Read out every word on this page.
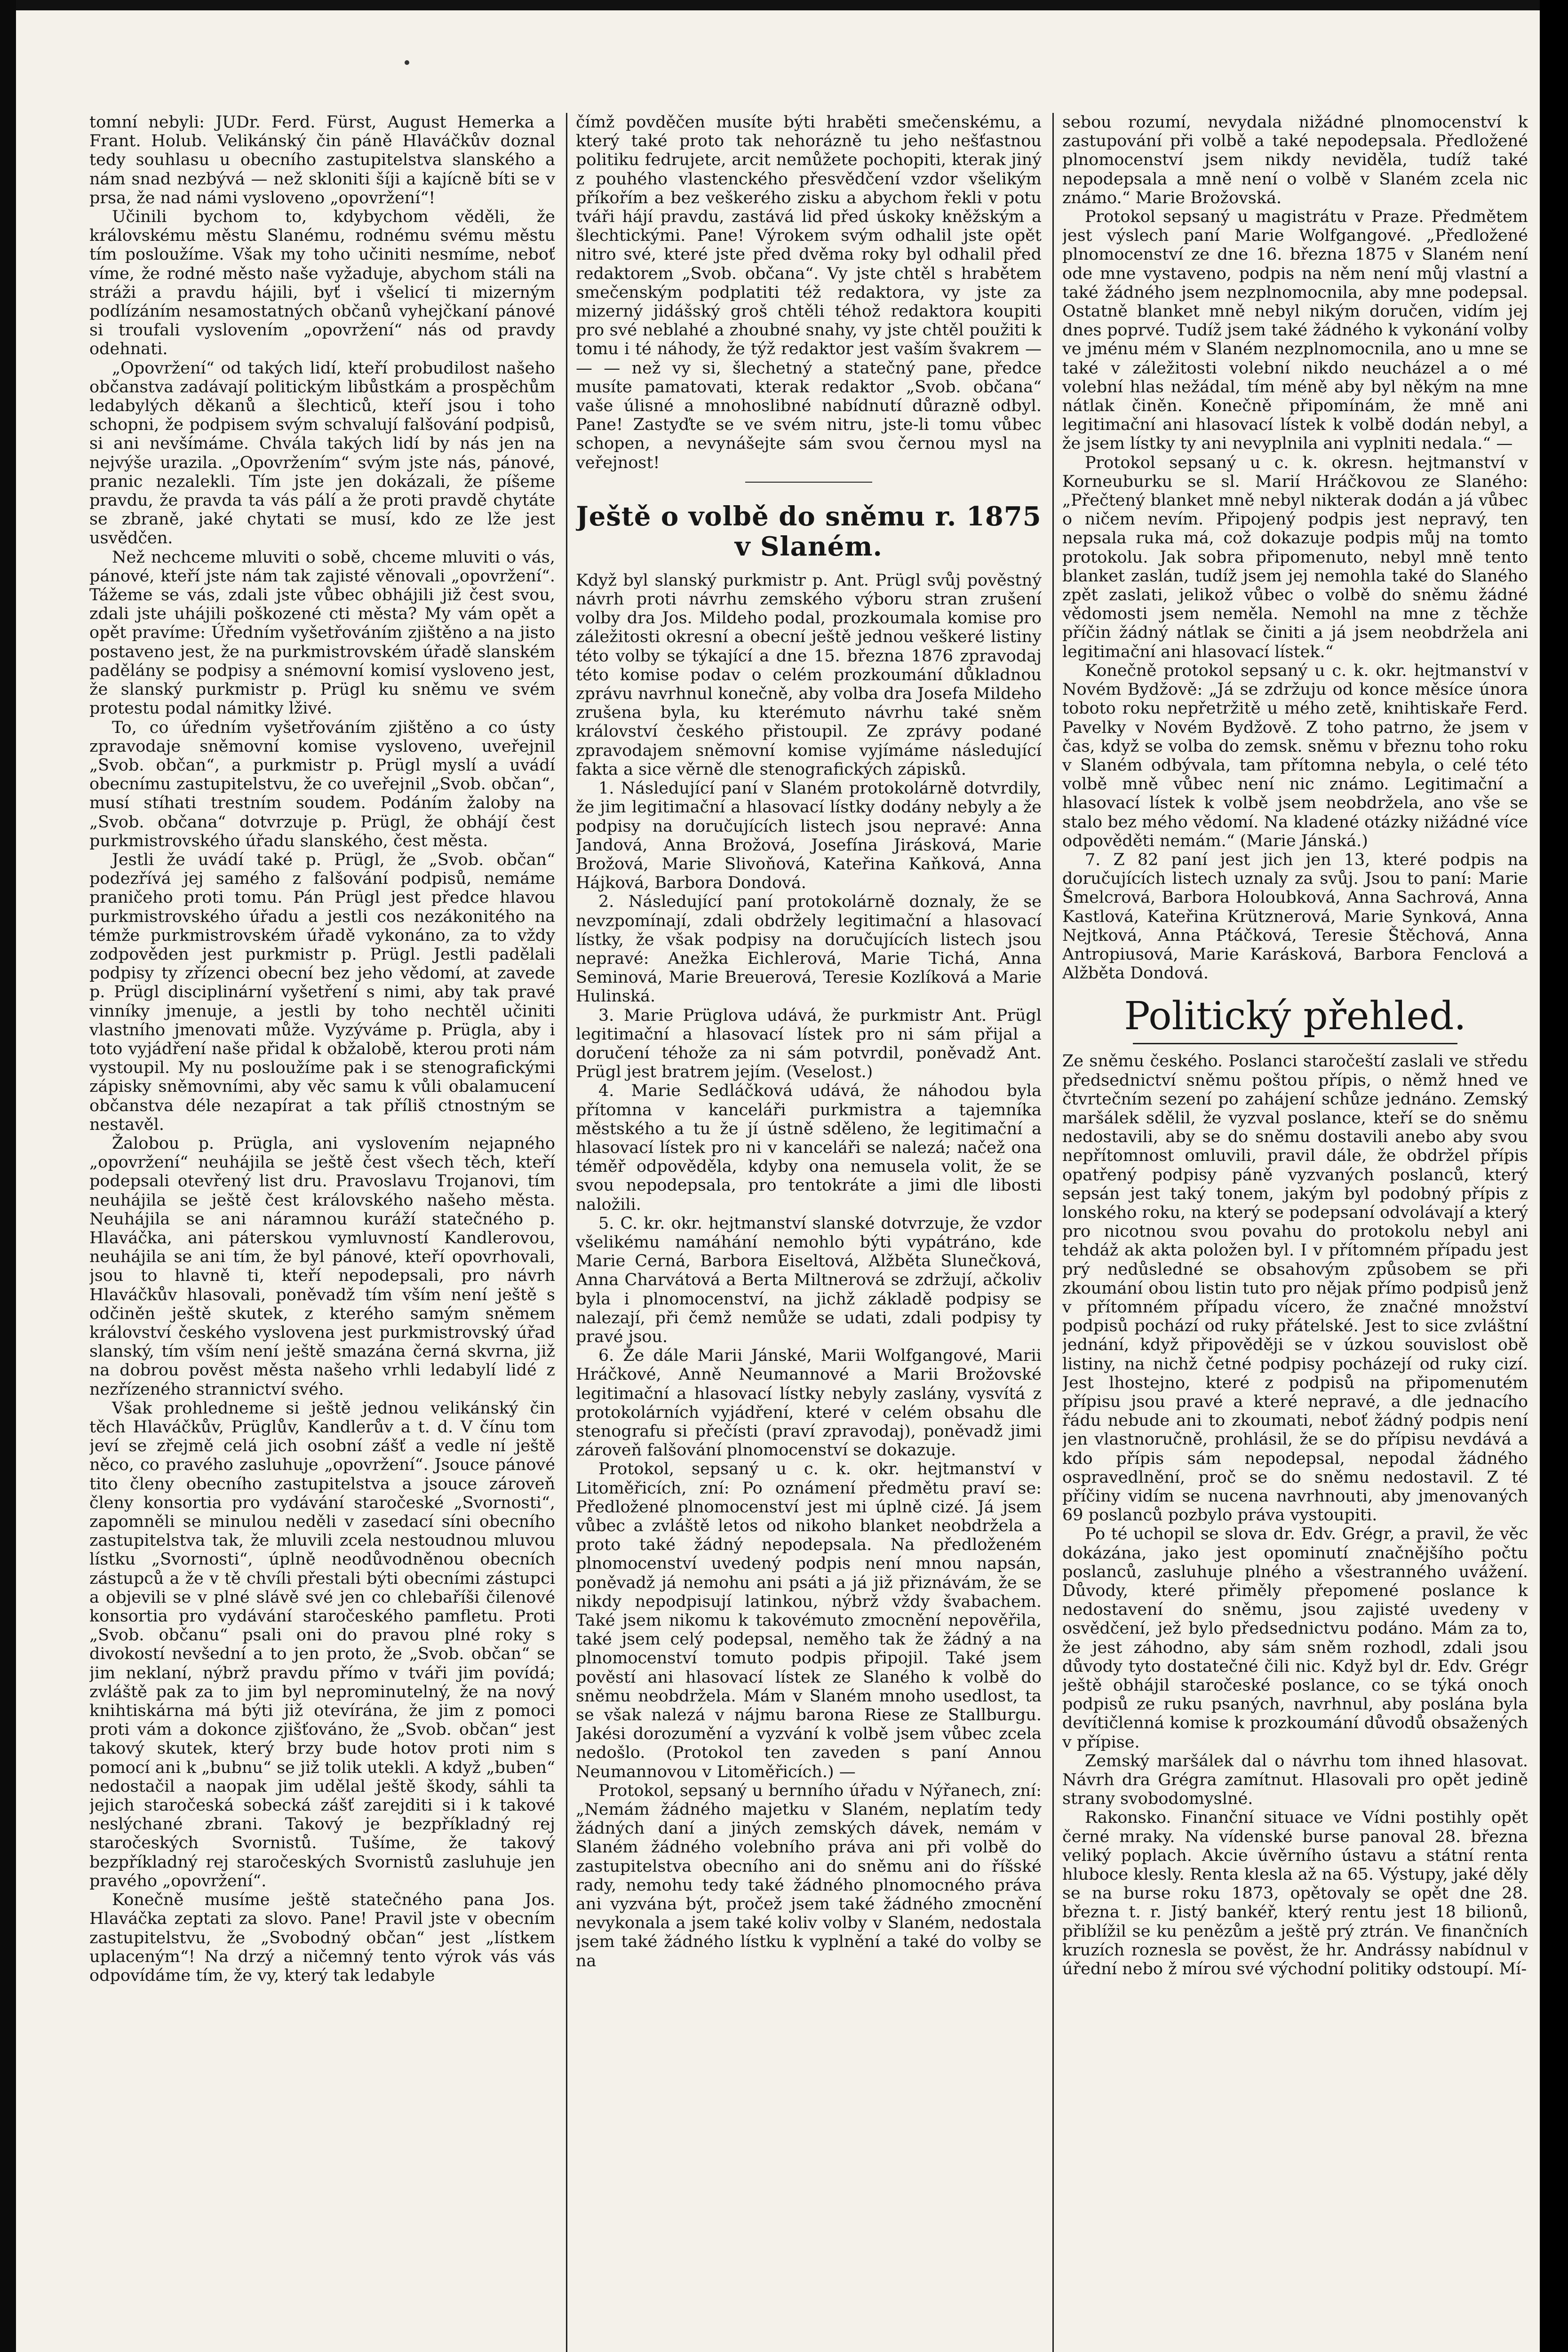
tomní nebyli: JUDr. Ferd. Fürst, August Hemerka a Frant. Holub. Velikánský čin páně Hlaváčkův doznal tedy souhlasu u obecního zastupitelstva slanského a nám snad nezbývá — než skloniti šíji a kajícně bíti se v prsa, že nad námi vysloveno „opovržení“!

Učinili bychom to, kdybychom věděli, že královskému městu Slanému, rodnému svému městu tím posloužíme. Však my toho učiniti nesmíme, neboť víme, že rodné město naše vyžaduje, abychom stáli na stráži a pravdu hájili, byť i všelicí ti mizerným podlízáním nesamostatných občanů vyhejčkaní pánové si troufali vyslovením „opovržení“ nás od pravdy odehnati.

„Opovržení“ od takých lidí, kteří probudilost našeho občanstva zadávají politickým libůstkám a prospěchům ledabylých děkanů a šlechticů, kteří jsou i toho schopni, že podpisem svým schvalují falšování podpisů, si ani nevšímáme. Chvála takých lidí by nás jen na nejvýše urazila. „Opovržením“ svým jste nás, pánové, pranic nezalekli. Tím jste jen dokázali, že píšeme pravdu, že pravda ta vás pálí a že proti pravdě chytáte se zbraně, jaké chytati se musí, kdo ze lže jest usvědčen.

Než nechceme mluviti o sobě, chceme mluviti o vás, pánové, kteří jste nám tak zajisté věnovali „opovržení“. Tážeme se vás, zdali jste vůbec obhájili již čest svou, zdali jste uhájili poškozené cti města? My vám opět a opět pravíme: Úředním vyšetřováním zjištěno a na jisto postaveno jest, že na purkmistrovském úřadě slanském padělány se podpisy a snémovní komisí vysloveno jest, že slanský purkmistr p. Prügl ku sněmu ve svém protestu podal námitky lživé.

To, co úředním vyšetřováním zjištěno a co ústy zpravodaje sněmovní komise vysloveno, uveřejnil „Svob. občan“, a purkmistr p. Prügl myslí a uvádí obecnímu zastupitelstvu, že co uveřejnil „Svob. občan“, musí stíhati trestním soudem. Podáním žaloby na „Svob. občana“ dotvrzuje p. Prügl, že obhájí čest purkmistrovského úřadu slanského, čest města.

Jestli že uvádí také p. Prügl, že „Svob. občan“ podezřívá jej samého z falšování podpisů, nemáme praničeho proti tomu. Pán Prügl jest předce hlavou purkmistrovského úřadu a jestli cos nezákonitého na témže purkmistrovském úřadě vykonáno, za to vždy zodpověden jest purkmistr p. Prügl. Jestli padělali podpisy ty zřízenci obecní bez jeho vědomí, at zavede p. Prügl disciplinární vyšetření s nimi, aby tak pravé vinníky jmenuje, a jestli by toho nechtěl učiniti vlastního jmenovati může. Vyzýváme p. Prügla, aby i toto vyjádření naše přidal k obžalobě, kterou proti nám vystoupil. My nu posloužíme pak i se stenografickými zápisky sněmovními, aby věc samu k vůli obalamucení občanstva déle nezapírat a tak příliš ctnostným se nestavěl.

Žalobou p. Prügla, ani vyslovením nejapného „opovržení“ neuhájila se ještě čest všech těch, kteří podepsali otevřený list dru. Pravoslavu Trojanovi, tím neuhájila se ještě čest královského našeho města. Neuhájila se ani náramnou kuráží statečného p. Hlaváčka, ani páterskou vymluvností Kandlerovou, neuhájila se ani tím, že byl pánové, kteří opovrhovali, jsou to hlavně ti, kteří nepodepsali, pro návrh Hlaváčkův hlasovali, poněvadž tím vším není ještě s odčiněn ještě skutek, z kterého samým sněmem království českého vyslovena jest purkmistrovský úřad slanský, tím vším není ještě smazána černá skvrna, již na dobrou pověst města našeho vrhli ledabylí lidé z nezřízeného strannictví svého.

Však prohledneme si ještě jednou velikánský čin těch Hlaváčkův, Prüglův, Kandlerův a t. d. V čínu tom jeví se zřejmě celá jich osobní zášť a vedle ní ještě něco, co pravého zasluhuje „opovržení“. Jsouce pánové tito členy obecního zastupitelstva a jsouce zároveň členy konsortia pro vydávání staročeské „Svornosti“, zapomněli se minulou neděli v zasedací síni obecního zastupitelstva tak, že mluvili zcela nestoudnou mluvou lístku „Svornosti“, úplně neodůvodněnou obecních zástupců a že v tě chvíli přestali býti obecními zástupci a objevili se v plné slávě své jen co chlebaříši čilenové konsortia pro vydávání staročeského pamfletu. Proti „Svob. občanu“ psali oni do pravou plné roky s divokostí nevšední a to jen proto, že „Svob. občan“ se jim neklaní, nýbrž pravdu přímo v tváři jim povídá; zvláště pak za to jim byl neprominutelný, že na nový knihtiskárna má býti již otevírána, že jim z pomoci proti vám a dokonce zjišťováno, že „Svob. občan“ jest takový skutek, který brzy bude hotov proti nim s pomocí ani k „bubnu“ se již tolik utekli. A když „buben“ nedostačil a naopak jim udělal ještě škody, sáhli ta jejich staročeská sobecká zášť zarejditi si i k takové neslýchané zbrani. Takový je bezpříkladný rej staročeských Svornistů. Tušíme, že takový bezpříkladný rej staročeských Svornistů zasluhuje jen pravého „opovržení“.

Konečně musíme ještě statečného pana Jos. Hlaváčka zeptati za slovo. Pane! Pravil jste v obecním zastupitelstvu, že „Svobodný občan“ jest „lístkem uplaceným“! Na drzý a ničemný tento výrok vás vás odpovídáme tím, že vy, který tak ledabyle

čímž povděčen musíte býti hraběti smečenskému, a který také proto tak nehorázně tu jeho nešťastnou politiku fedrujete, arcit nemůžete pochopiti, kterak jiný z pouhého vlastenckého přesvědčení vzdor všelikým příkořím a bez veškerého zisku a abychom řekli v potu tváři hájí pravdu, zastává lid před úskoky kněžským a šlechtickými. Pane! Výrokem svým odhalil jste opět nitro své, které jste před dvěma roky byl odhalil před redaktorem „Svob. občana“. Vy jste chtěl s hrabětem smečenským podplatiti též redaktora, vy jste za mizerný jidášský groš chtěli téhož redaktora koupiti pro své neblahé a zhoubné snahy, vy jste chtěl použiti k tomu i té náhody, že týž redaktor jest vaším švakrem — — — než vy si, šlechetný a statečný pane, předce musíte pamatovati, kterak redaktor „Svob. občana“ vaše úlisné a mnohoslibné nabídnutí důrazně odbyl. Pane! Zastyďte se ve svém nitru, jste-li tomu vůbec schopen, a nevynášejte sám svou černou mysl na veřejnost!

Ještě o volbě do sněmu r. 1875 v Slaném.

Když byl slanský purkmistr p. Ant. Prügl svůj pověstný návrh proti návrhu zemského výboru stran zrušení volby dra Jos. Mildeho podal, prozkoumala komise pro záležitosti okresní a obecní ještě jednou veškeré listiny této volby se týkající a dne 15. března 1876 zpravodaj této komise podav o celém prozkoumání důkladnou zprávu navrhnul konečně, aby volba dra Josefa Mildeho zrušena byla, ku kterémuto návrhu také sněm království českého přistoupil. Ze zprávy podané zpravodajem sněmovní komise vyjímáme následující fakta a sice věrně dle stenografických zápisků.

1. Následující paní v Slaném protokolárně dotvrdily, že jim legitimační a hlasovací lístky dodány nebyly a že podpisy na doručujících listech jsou nepravé: Anna Jandová, Anna Brožová, Josefína Jirásková, Marie Brožová, Marie Slivoňová, Kateřina Kaňková, Anna Hájková, Barbora Dondová.

2. Následující paní protokolárně doznaly, že se nevzpomínají, zdali obdržely legitimační a hlasovací lístky, že však podpisy na doručujících listech jsou nepravé: Anežka Eichlerová, Marie Tichá, Anna Seminová, Marie Breuerová, Teresie Kozlíková a Marie Hulinská.

3. Marie Prüglova udává, že purkmistr Ant. Prügl legitimační a hlasovací lístek pro ni sám přijal a doručení téhože za ni sám potvrdil, poněvadž Ant. Prügl jest bratrem jejím. (Veselost.)

4. Marie Sedláčková udává, že náhodou byla přítomna v kanceláři purkmistra a tajemníka městského a tu že jí ústně sděleno, že legitimační a hlasovací lístek pro ni v kanceláři se nalezá; načež ona téměř odpověděla, kdyby ona nemusela volit, že se svou nepodepsala, pro tentokráte a jimi dle libosti naložili.

5. C. kr. okr. hejtmanství slanské dotvrzuje, že vzdor všelikému namáhání nemohlo býti vypátráno, kde Marie Cerná, Barbora Eiseltová, Alžběta Slunečková, Anna Charvátová a Berta Miltnerová se zdržují, ačkoliv byla i plnomocenství, na jichž základě podpisy se nalezají, při čemž nemůže se udati, zdali podpisy ty pravé jsou.

6. Že dále Marii Jánské, Marii Wolfgangové, Marii Hráčkové, Anně Neumannové a Marii Brožovské legitimační a hlasovací lístky nebyly zaslány, vysvítá z protokolárních vyjádření, které v celém obsahu dle stenografu si přečísti (praví zpravodaj), poněvadž jimi zároveň falšování plnomocenství se dokazuje.

Protokol, sepsaný u c. k. okr. hejtmanství v Litoměřicích, zní: Po oznámení předmětu praví se: Předložené plnomocenství jest mi úplně cizé. Já jsem vůbec a zvláště letos od nikoho blanket neobdržela a proto také žádný nepodepsala. Na předloženém plnomocenství uvedený podpis není mnou napsán, poněvadž já nemohu ani psáti a já již přiznávám, že se nikdy nepodpisují latinkou, nýbrž vždy švabachem. Také jsem nikomu k takovémuto zmocnění nepověřila, také jsem celý podepsal, neměho tak že žádný a na plnomocenství tomuto podpis připojil. Také jsem pověstí ani hlasovací lístek ze Slaného k volbě do sněmu neobdržela. Mám v Slaném mnoho usedlost, ta se však nalezá v nájmu barona Riese ze Stallburgu. Jakési dorozumění a vyzvání k volbě jsem vůbec zcela nedošlo. (Protokol ten zaveden s paní Annou Neumannovou v Litoměřicích.) —

Protokol, sepsaný u bernního úřadu v Nýřanech, zní: „Nemám žádného majetku v Slaném, neplatím tedy žádných daní a jiných zemských dávek, nemám v Slaném žádného volebního práva ani při volbě do zastupitelstva obecního ani do sněmu ani do říšské rady, nemohu tedy také žádného plnomocného práva ani vyzvána být, pročež jsem také žádného zmocnění nevykonala a jsem také koliv volby v Slaném, nedostala jsem také žádného lístku k vyplnění a také do volby se na

sebou rozumí, nevydala nižádné plnomocenství k zastupování při volbě a také nepodepsala. Předložené plnomocenství jsem nikdy neviděla, tudíž také nepodepsala a mně není o volbě v Slaném zcela nic známo.“ Marie Brožovská.

Protokol sepsaný u magistrátu v Praze. Předmětem jest výslech paní Marie Wolfgangové. „Předložené plnomocenství ze dne 16. března 1875 v Slaném není ode mne vystaveno, podpis na něm není můj vlastní a také žádného jsem nezplnomocnila, aby mne podepsal. Ostatně blanket mně nebyl nikým doručen, vidím jej dnes poprvé. Tudíž jsem také žádného k vykonání volby ve jménu mém v Slaném nezplnomocnila, ano u mne se také v záležitosti volební nikdo neucházel a o mé volební hlas nežádal, tím méně aby byl někým na mne nátlak činěn. Konečně připomínám, že mně ani legitimační ani hlasovací lístek k volbě dodán nebyl, a že jsem lístky ty ani nevyplnila ani vyplniti nedala.“ —

Protokol sepsaný u c. k. okresn. hejtmanství v Korneuburku se sl. Marií Hráčkovou ze Slaného: „Přečtený blanket mně nebyl nikterak dodán a já vůbec o ničem nevím. Připojený podpis jest nepravý, ten nepsala ruka má, což dokazuje podpis můj na tomto protokolu. Jak sobra připomenuto, nebyl mně tento blanket zaslán, tudíž jsem jej nemohla také do Slaného zpět zaslati, jelikož vůbec o volbě do sněmu žádné vědomosti jsem neměla. Nemohl na mne z těchže příčin žádný nátlak se činiti a já jsem neobdržela ani legitimační ani hlasovací lístek.“

Konečně protokol sepsaný u c. k. okr. hejtmanství v Novém Bydžově: „Já se zdržuju od konce měsíce února toboto roku nepřetržitě u mého zetě, knihtiskaře Ferd. Pavelky v Novém Bydžově. Z toho patrno, že jsem v čas, když se volba do zemsk. sněmu v březnu toho roku v Slaném odbývala, tam přítomna nebyla, o celé této volbě mně vůbec není nic známo. Legitimační a hlasovací lístek k volbě jsem neobdržela, ano vše se stalo bez mého vědomí. Na kladené otázky nižádné více odpověděti nemám.“ (Marie Jánská.)

7. Z 82 paní jest jich jen 13, které podpis na doručujících listech uznaly za svůj. Jsou to paní: Marie Šmelcrová, Barbora Holoubková, Anna Sachrová, Anna Kastlová, Kateřina Krütznerová, Marie Synková, Anna Nejtková, Anna Ptáčková, Teresie Štěchová, Anna Antropiusová, Marie Karásková, Barbora Fenclová a Alžběta Dondová.

Politický přehled.

Ze sněmu českého. Poslanci staročeští zaslali ve středu předsednictví sněmu poštou přípis, o němž hned ve čtvrtečním sezení po zahájení schůze jednáno. Zemský maršálek sdělil, že vyzval poslance, kteří se do sněmu nedostavili, aby se do sněmu dostavili anebo aby svou nepřítomnost omluvili, pravil dále, že obdržel přípis opatřený podpisy páně vyzvaných poslanců, který sepsán jest taký tonem, jakým byl podobný přípis z lonského roku, na který se podepsaní odvolávají a který pro nicotnou svou povahu do protokolu nebyl ani tehdáž ak akta položen byl. I v přítomném případu jest prý nedůsledné se obsahovým způsobem se při zkoumání obou listin tuto pro nějak přímo podpisů jenž v přítomném případu vícero, že značné množství podpisů pochází od ruky přátelské. Jest to sice zvláštní jednání, když připověději se v úzkou souvislost obě listiny, na nichž četné podpisy pocházejí od ruky cizí. Jest lhostejno, které z podpisů na připomenutém přípisu jsou pravé a které nepravé, a dle jednacího řádu nebude ani to zkoumati, neboť žádný podpis není jen vlastnoručně, prohlásil, že se do přípisu nevdává a kdo přípis sám nepodepsal, nepodal žádného ospravedlnění, proč se do sněmu nedostavil. Z té příčiny vidím se nucena navrhnouti, aby jmenovaných 69 poslanců pozbylo práva vystoupiti.

Po té uchopil se slova dr. Edv. Grégr, a pravil, že věc dokázána, jako jest opominutí značnějšího počtu poslanců, zasluhuje plného a všestranného uvážení. Důvody, které přiměly přepomené poslance k nedostavení do sněmu, jsou zajisté uvedeny v osvědčení, jež bylo předsednictvu podáno. Mám za to, že jest záhodno, aby sám sněm rozhodl, zdali jsou důvody tyto dostatečné čili nic. Když byl dr. Edv. Grégr ještě obhájil staročeské poslance, co se týká onoch podpisů ze ruku psaných, navrhnul, aby poslána byla devítičlenná komise k prozkoumání důvodů obsažených v přípise.

Zemský maršálek dal o návrhu tom ihned hlasovat. Návrh dra Grégra zamítnut. Hlasovali pro opět jedině strany svobodomyslné.

Rakonsko. Finanční situace ve Vídni postihly opět černé mraky. Na vídenské burse panoval 28. března veliký poplach. Akcie úvěrního ústavu a státní renta hluboce klesly. Renta klesla až na 65. Výstupy, jaké děly se na burse roku 1873, opětovaly se opět dne 28. března t. r. Jistý bankéř, který rentu jest 18 bilionů, přiblížil se ku penězům a ještě prý ztrán. Ve finančních kruzích roznesla se pověst, že hr. Andrássy nabídnul v úřední nebo ž mírou své východní politiky odstoupí. Mí-
